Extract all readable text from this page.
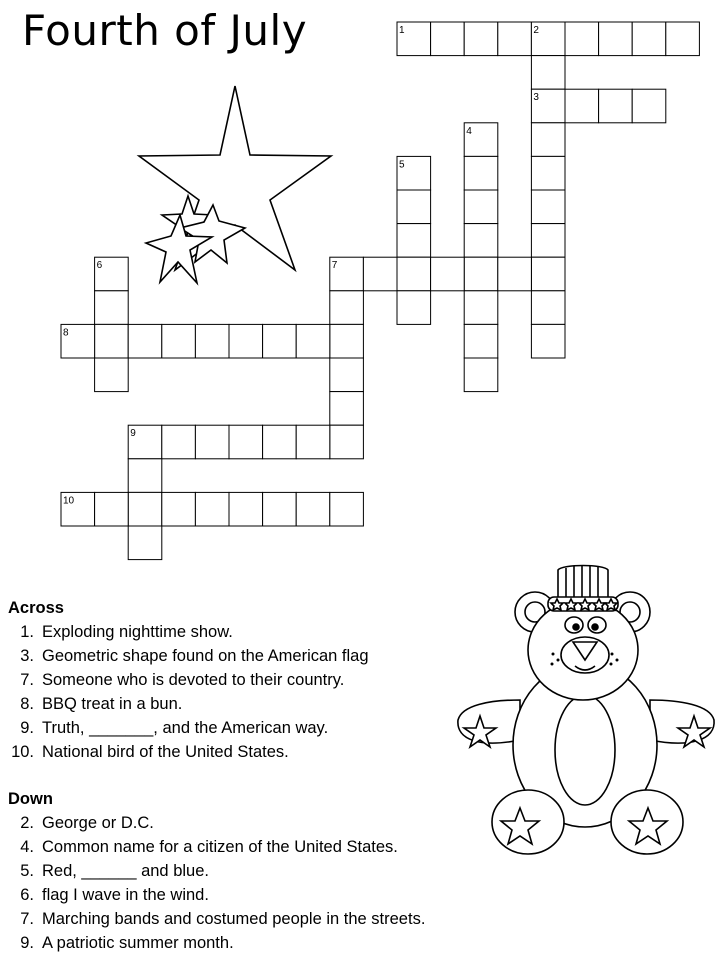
Fourth of July	1	2
3
4
5
6	7
8
9
10
Across
1. Exploding nighttime show.
3. Geometric shape found on the American flag
7. Someone who is devoted to their country.
8. BBQ treat in a bun.
9. Truth, _______, and the American way.
10. National bird of the United States.
Down
2. George or D.C.
4. Common name for a citizen of the United States.
5. Red, ______ and blue.
6. flag I wave in the wind.
7. Marching bands and costumed people in the streets.
9. A patriotic summer month.
